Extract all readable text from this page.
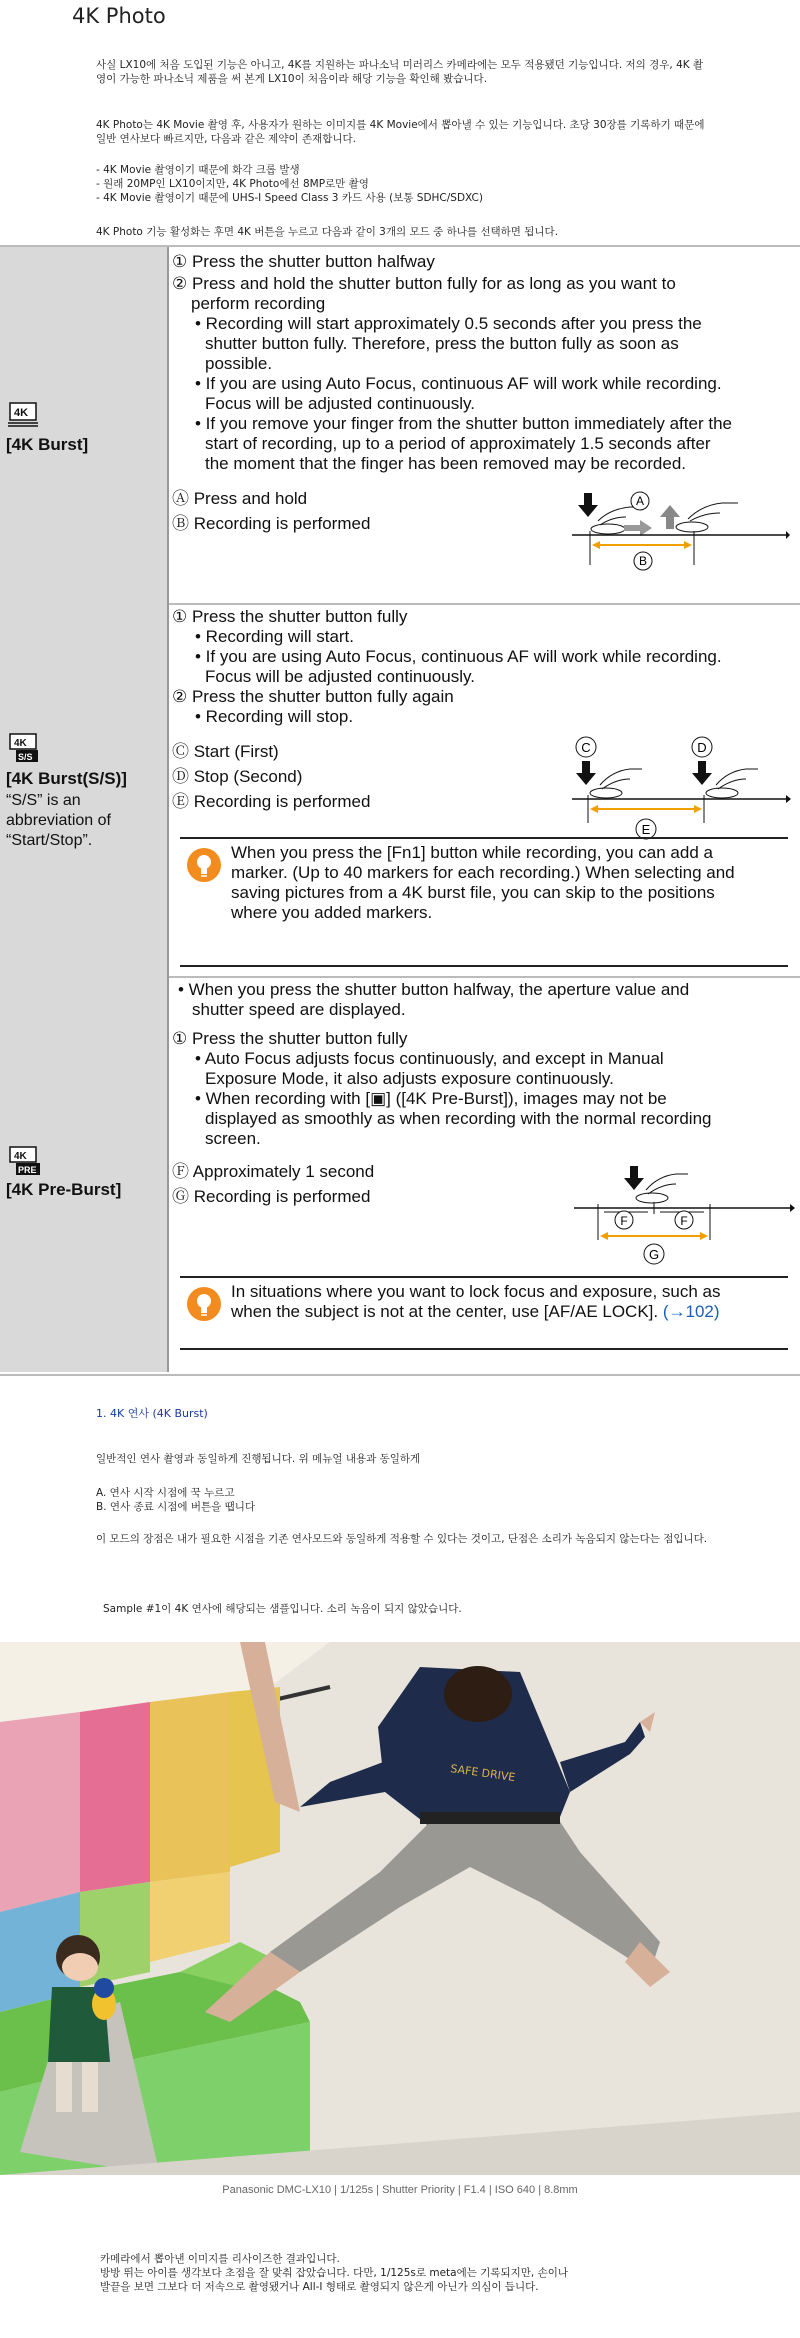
4K Photo
사실 LX10에 처음 도입된 기능은 아니고, 4K를 지원하는 파나소닉 미러리스 카메라에는 모두 적용됐던 기능입니다. 저의 경우, 4K 촬영이 가능한 파나소닉 제품을 써 본게 LX10이 처음이라 해당 기능을 확인해 봤습니다.
4K Photo는 4K Movie 촬영 후, 사용자가 원하는 이미지를 4K Movie에서 뽑아낼 수 있는 기능입니다. 초당 30장를 기록하기 때문에 일반 연사보다 빠르지만, 다음과 같은 제약이 존재합니다.
- 4K Movie 촬영이기 때문에 화각 크롭 발생
- 원래 20MP인 LX10이지만, 4K Photo에선 8MP로만 촬영
- 4K Movie 촬영이기 때문에 UHS-I Speed Class 3 카드 사용 (보통 SDHC/SDXC)
4K Photo 기능 활성화는 후면 4K 버튼을 누르고 다음과 같이 3개의 모드 중 하나를 선택하면 됩니다.
4K
[4K Burst]
① Press the shutter button halfway
② Press and hold the shutter button fully for as long as you want to
perform recording
• Recording will start approximately 0.5 seconds after you press the
shutter button fully. Therefore, press the button fully as soon as
possible.
• If you are using Auto Focus, continuous AF will work while recording.
Focus will be adjusted continuously.
• If you remove your finger from the shutter button immediately after the
start of recording, up to a period of approximately 1.5 seconds after
the moment that the finger has been removed may be recorded.
Ⓐ Press and hold
Ⓑ Recording is performed
A
B
4K
S/S
[4K Burst(S/S)]
“S/S” is an
abbreviation of
“Start/Stop”.
① Press the shutter button fully
• Recording will start.
• If you are using Auto Focus, continuous AF will work while recording.
Focus will be adjusted continuously.
② Press the shutter button fully again
• Recording will stop.
Ⓒ Start (First)
Ⓓ Stop (Second)
Ⓔ Recording is performed
C	D
E
When you press the [Fn1] button while recording, you can add a
marker. (Up to 40 markers for each recording.) When selecting and
saving pictures from a 4K burst file, you can skip to the positions
where you added markers.
4K
PRE
[4K Pre-Burst]
• When you press the shutter button halfway, the aperture value and
shutter speed are displayed.
① Press the shutter button fully
• Auto Focus adjusts focus continuously, and except in Manual
Exposure Mode, it also adjusts exposure continuously.
• When recording with [▣] ([4K Pre-Burst]), images may not be
displayed as smoothly as when recording with the normal recording
screen.
Ⓕ Approximately 1 second
Ⓖ Recording is performed
F	F
G
In situations where you want to lock focus and exposure, such as
when the subject is not at the center, use [AF/AE LOCK]. (→102)
1. 4K 연사 (4K Burst)
일반적인 연사 촬영과 동일하게 진행됩니다. 위 메뉴얼 내용과 동일하게
A. 연사 시작 시점에 꾹 누르고
B. 연사 종료 시점에 버튼을 땝니다
이 모드의 장점은 내가 필요한 시점을 기존 연사모드와 동일하게 적용할 수 있다는 것이고, 단점은 소리가 녹음되지 않는다는 점입니다.
Sample #1이 4K 연사에 해당되는 샘플입니다. 소리 녹음이 되지 않았습니다.
SAFE DRIVE
Panasonic DMC-LX10 | 1/125s | Shutter Priority | F1.4 | ISO 640 | 8.8mm
카메라에서 뽑아낸 이미지를 리사이즈한 결과입니다.
방방 뛰는 아이를 생각보다 초점을 잘 맞춰 잡았습니다. 다만, 1/125s로 meta에는 기록되지만, 손이나
발끝을 보면 그보다 더 저속으로 촬영됐거나 All-I 형태로 촬영되지 않은게 아닌가 의심이 듭니다.
